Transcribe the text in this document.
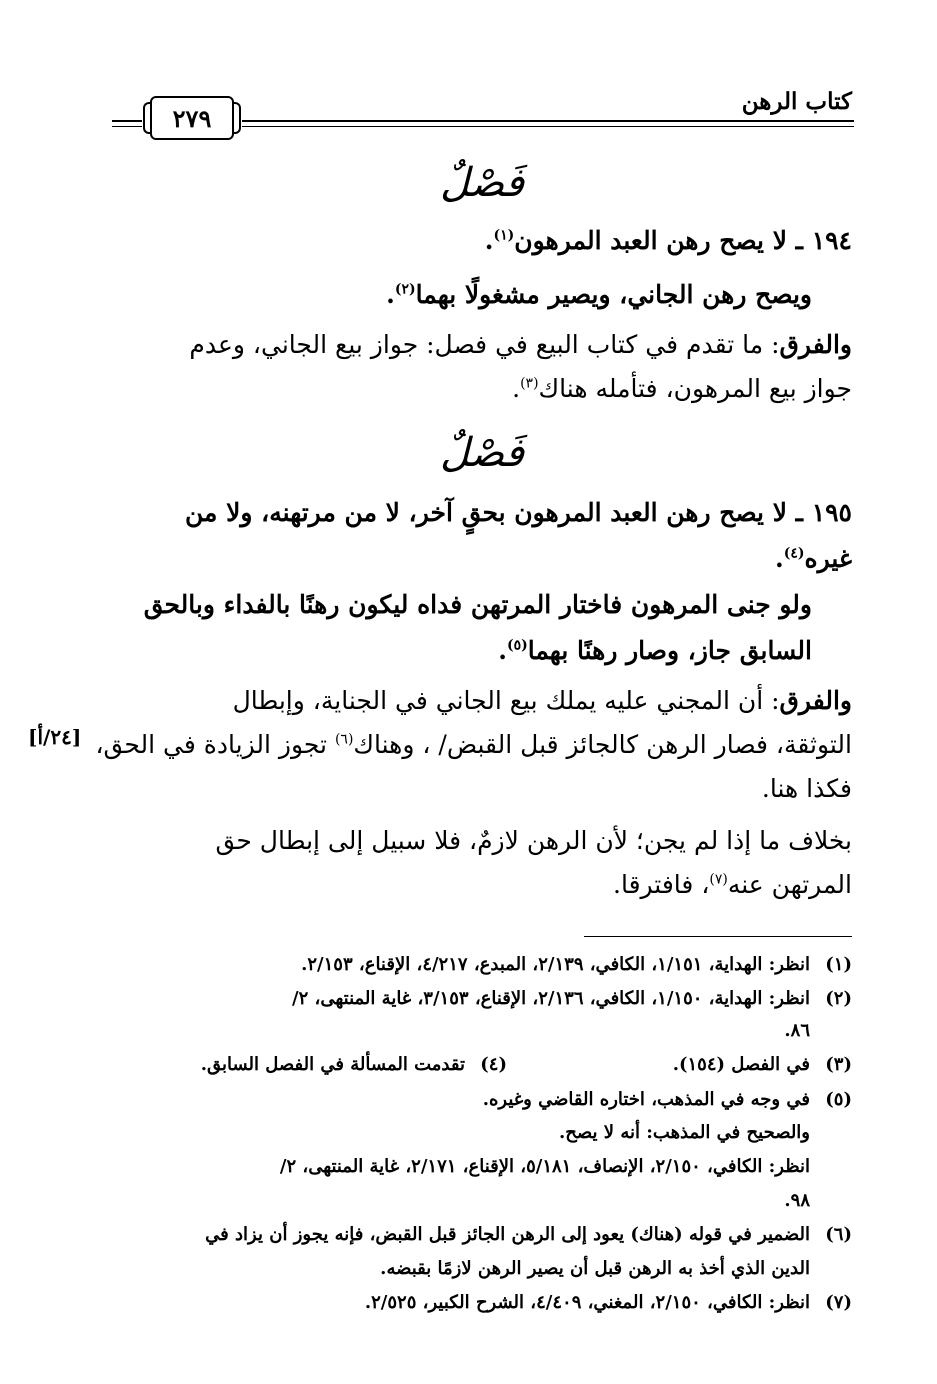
كتاب الرهن
٢٧٩
فَصْلٌ
١٩٤ ـ لا يصح رهن العبد المرهون$^{(١)}$.
ويصح رهن الجاني، ويصير مشغولًا بهما$^{(٢)}$.
والفرق: ما تقدم في كتاب البيع في فصل: جواز بيع الجاني، وعدم
جواز بيع المرهون، فتأمله هناك$^{(٣)}$.
فَصْلٌ
١٩٥ ـ لا يصح رهن العبد المرهون بحقٍ آخر، لا من مرتهنه، ولا من
غيره$^{(٤)}$.
ولو جنى المرهون فاختار المرتهن فداه ليكون رهنًا بالفداء وبالحق
السابق جاز، وصار رهنًا بهما$^{(٥)}$.
والفرق: أن المجني عليه يملك بيع الجاني في الجناية، وإبطال
التوثقة، فصار الرهن كالجائز قبل القبض/ ، وهناك$^{(٦)}$ تجوز الزيادة في الحق،
فكذا هنا.
بخلاف ما إذا لم يجن؛ لأن الرهن لازمٌ، فلا سبيل إلى إبطال حق
المرتهن عنه$^{(٧)}$، فافترقا.
[٢٤/أ]
(١)انظر: الهداية، ١/١٥١، الكافي، ٢/١٣٩، المبدع، ٤/٢١٧، الإقناع، ٢/١٥٣.
(٢)انظر: الهداية، ١/١٥٠، الكافي، ٢/١٣٦، الإقناع، ٣/١٥٣، غاية المنتهى، ٢/
٨٦.
(٣)في الفصل (١٥٤).
(٤)تقدمت المسألة في الفصل السابق.
(٥)في وجه في المذهب، اختاره القاضي وغيره.
والصحيح في المذهب: أنه لا يصح.
انظر: الكافي، ٢/١٥٠، الإنصاف، ٥/١٨١، الإقناع، ٢/١٧١، غاية المنتهى، ٢/
٩٨.
(٦)الضمير في قوله (هناك) يعود إلى الرهن الجائز قبل القبض، فإنه يجوز أن يزاد في
الدين الذي أخذ به الرهن قبل أن يصير الرهن لازمًا بقبضه.
(٧)انظر: الكافي، ٢/١٥٠، المغني، ٤/٤٠٩، الشرح الكبير، ٢/٥٢٥.
